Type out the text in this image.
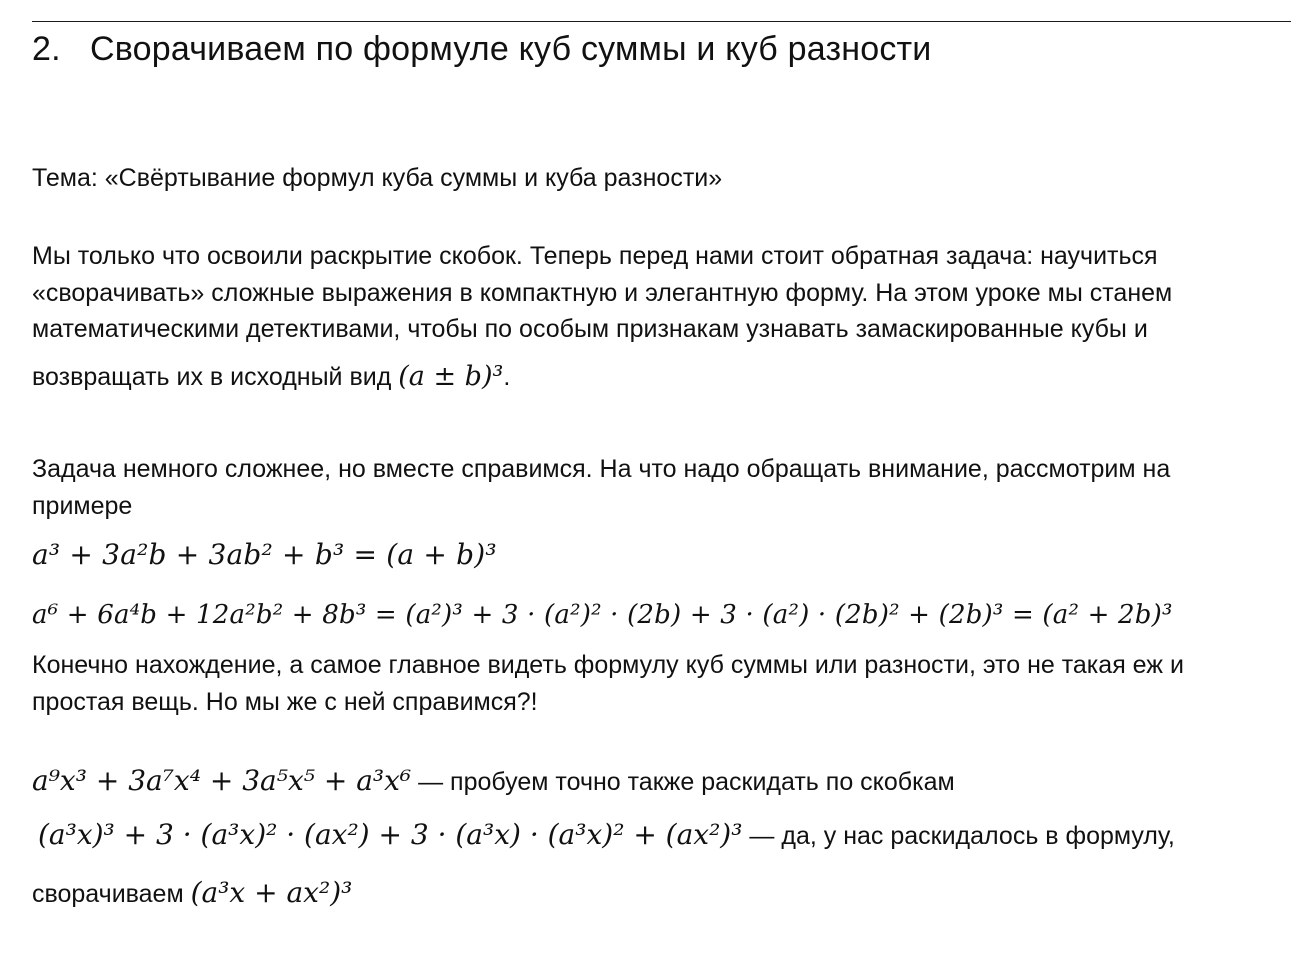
2. Сворачиваем по формуле куб суммы и куб разности
Тема: «Свёртывание формул куба суммы и куба разности»
Мы только что освоили раскрытие скобок. Теперь перед нами стоит обратная задача: научиться
«сворачивать» сложные выражения в компактную и элегантную форму. На этом уроке мы станем
математическими детективами, чтобы по особым признакам узнавать замаскированные кубы и
возвращать их в исходный вид (a ± b)³.
Задача немного сложнее, но вместе справимся. На что надо обращать внимание, рассмотрим на
примере
a³ + 3a²b + 3ab² + b³ = (a + b)³
a⁶ + 6a⁴b + 12a²b² + 8b³ = (a²)³ + 3 · (a²)² · (2b) + 3 · (a²) · (2b)² + (2b)³ = (a² + 2b)³
Конечно нахождение, а самое главное видеть формулу куб суммы или разности, это не такая еж и
простая вещь. Но мы же с ней справимся?!
a⁹x³ + 3a⁷x⁴ + 3a⁵x⁵ + a³x⁶ — пробуем точно также раскидать по скобкам
(a³x)³ + 3 · (a³x)² · (ax²) + 3 · (a³x) · (a³x)² + (ax²)³ — да, у нас раскидалось в формулу,
сворачиваем (a³x + ax²)³
